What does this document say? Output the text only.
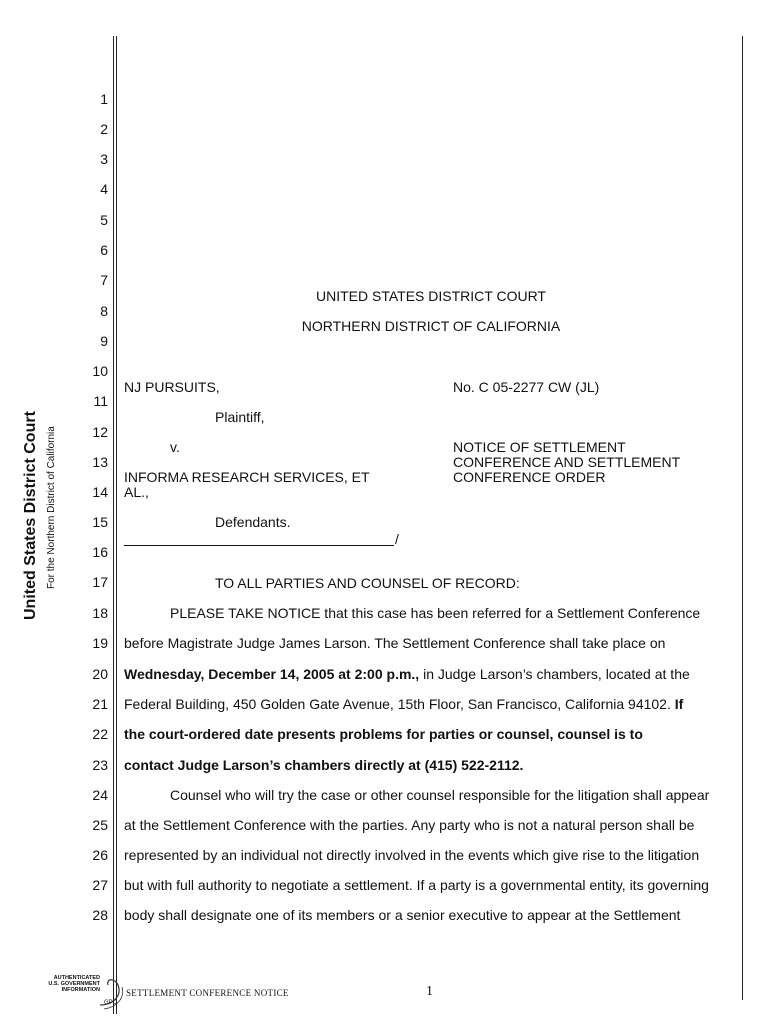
United States District Court For the Northern District of California
1
2
3
4
5
6
7
8
9
10
11
12
13
14
15
16
17
18
19
20
21
22
23
24
25
26
27
28
UNITED STATES DISTRICT COURT
NORTHERN DISTRICT OF CALIFORNIA
NJ PURSUITS,
Plaintiff,
v.
INFORMA RESEARCH SERVICES, ET
AL.,
Defendants.
/
No. C 05-2277 CW (JL)
NOTICE OF SETTLEMENT
CONFERENCE AND SETTLEMENT
CONFERENCE ORDER
TO ALL PARTIES AND COUNSEL OF RECORD:
PLEASE TAKE NOTICE that this case has been referred for a Settlement Conference
before Magistrate Judge James Larson. The Settlement Conference shall take place on
Wednesday, December 14, 2005 at 2:00 p.m., in Judge Larson’s chambers, located at the
Federal Building, 450 Golden Gate Avenue, 15th Floor, San Francisco, California 94102. If
the court-ordered date presents problems for parties or counsel, counsel is to
contact Judge Larson’s chambers directly at (415) 522-2112.
Counsel who will try the case or other counsel responsible for the litigation shall appear
at the Settlement Conference with the parties. Any party who is not a natural person shall be
represented by an individual not directly involved in the events which give rise to the litigation
but with full authority to negotiate a settlement. If a party is a governmental entity, its governing
body shall designate one of its members or a senior executive to appear at the Settlement
AUTHENTICATED U.S. GOVERNMENT INFORMATION
GPO
SETTLEMENT CONFERENCE NOTICE	1
